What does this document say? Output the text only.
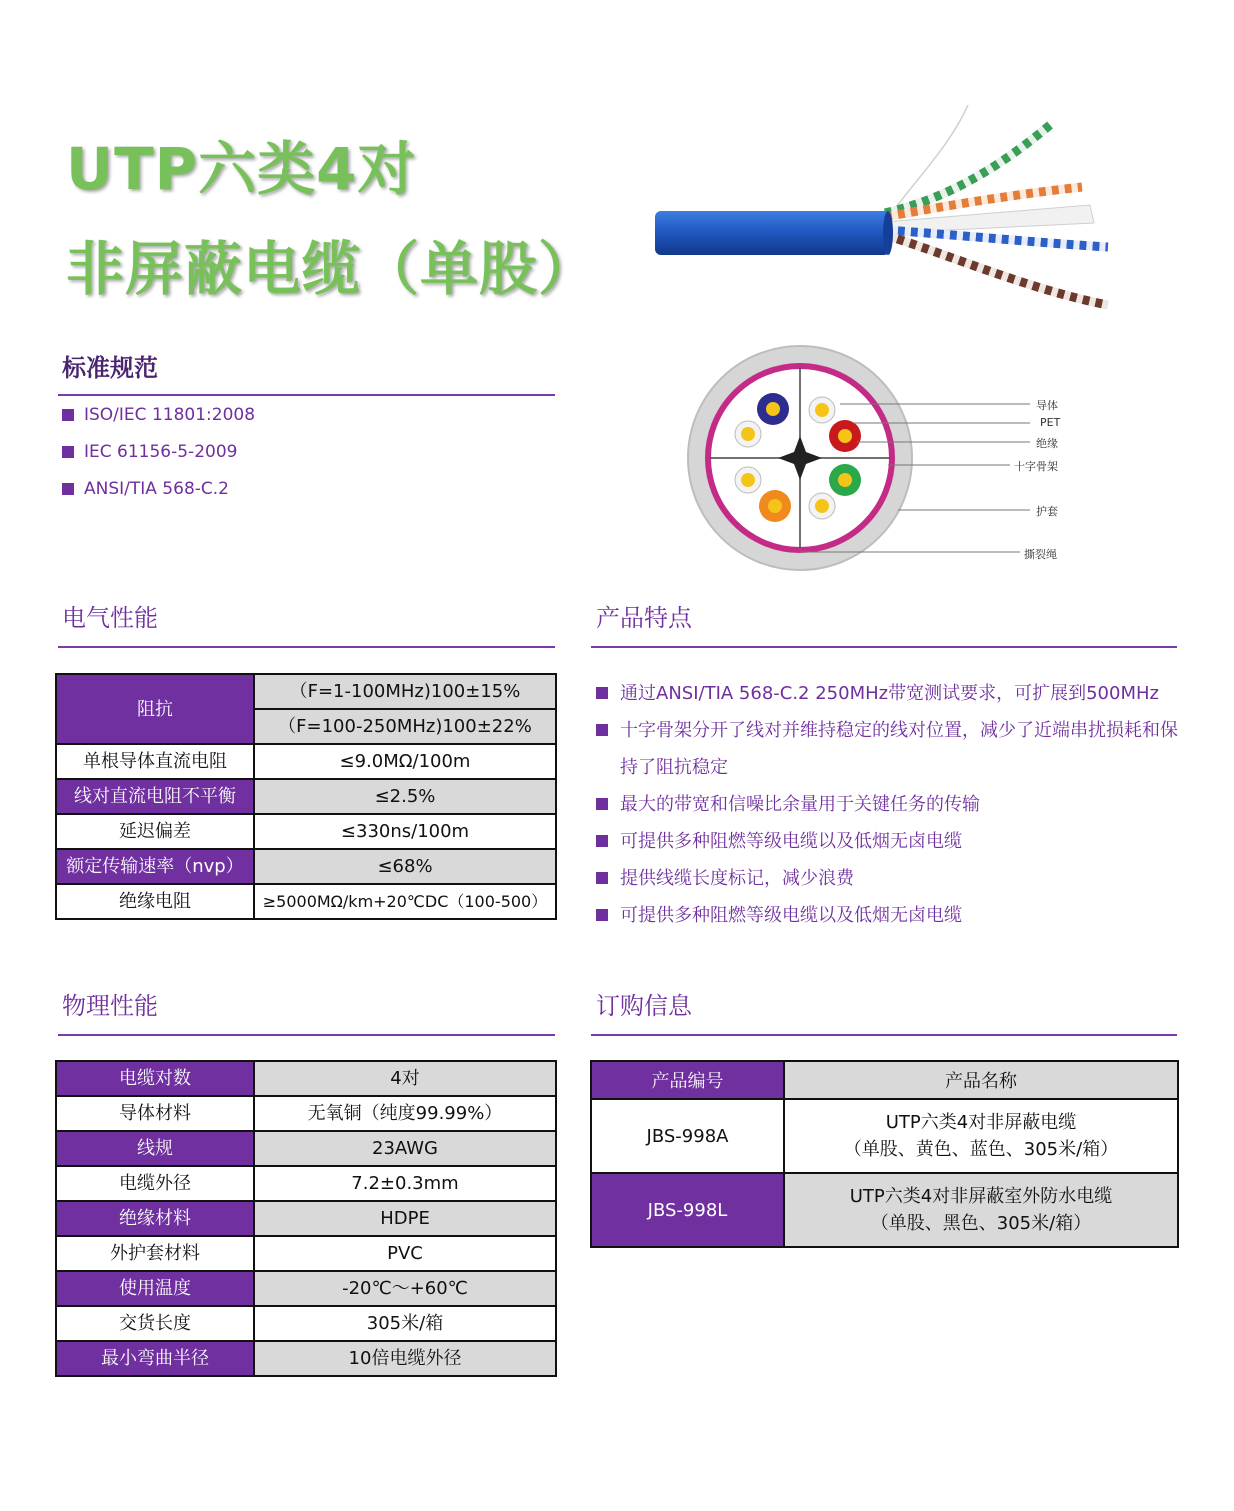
UTP六类4对
非屏蔽电缆（单股）
导体
PET
绝缘
十字骨架
护套
撕裂绳
标准规范
ISO/IEC 11801:2008
IEC 61156-5-2009
ANSI/TIA 568-C.2
电气性能
阻抗	（F=1-100MHz)100±15%
	（F=100-250MHz)100±22%
单根导体直流电阻	≤9.0MΩ/100m
线对直流电阻不平衡	≤2.5%
延迟偏差	≤330ns/100m
额定传输速率（nvp）	≤68%
绝缘电阻	≥5000MΩ/km+20℃DC（100-500）
产品特点
通过ANSI/TIA 568-C.2 250MHz带宽测试要求，可扩展到500MHz
十字骨架分开了线对并维持稳定的线对位置，减少了近端串扰损耗和保持了阻抗稳定
最大的带宽和信噪比余量用于关键任务的传输
可提供多种阻燃等级电缆以及低烟无卤电缆
提供线缆长度标记，减少浪费
可提供多种阻燃等级电缆以及低烟无卤电缆
物理性能
电缆对数	4对
导体材料	无氧铜（纯度99.99%）
线规	23AWG
电缆外径	7.2±0.3mm
绝缘材料	HDPE
外护套材料	PVC
使用温度	-20℃～+60℃
交货长度	305米/箱
最小弯曲半径	10倍电缆外径
订购信息
产品编号	产品名称
JBS-998A	UTP六类4对非屏蔽电缆
（单股、黄色、蓝色、305米/箱）

JBS-998L	UTP六类4对非屏蔽室外防水电缆
（单股、黑色、305米/箱）
